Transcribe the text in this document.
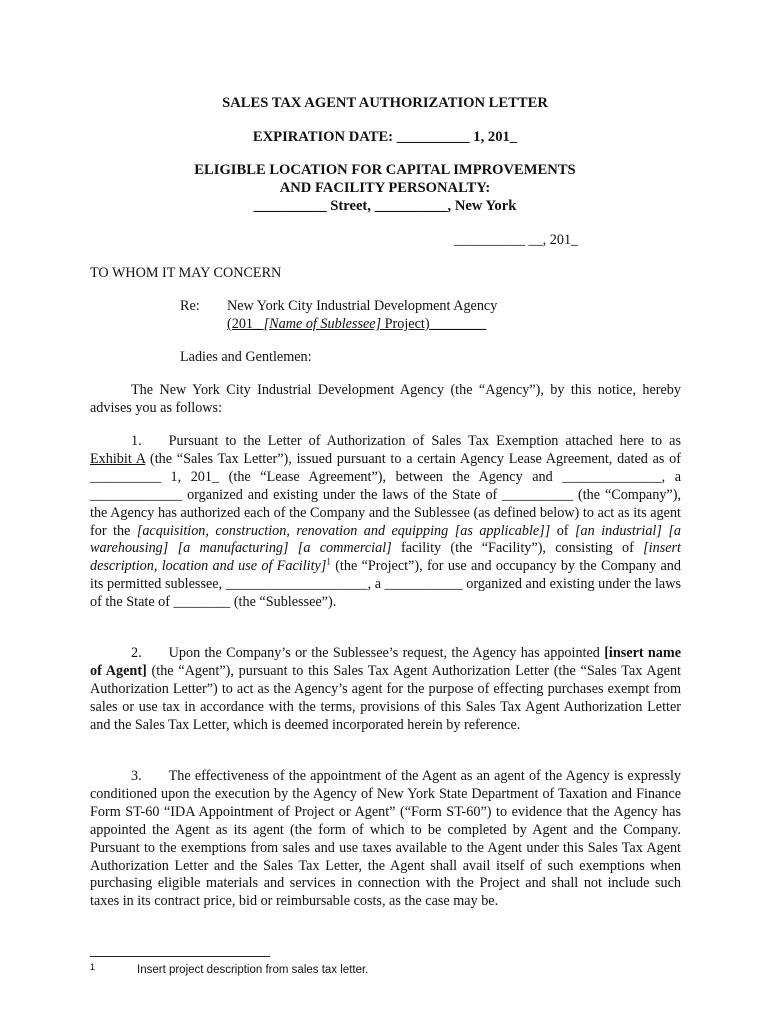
SALES TAX AGENT AUTHORIZATION LETTER
EXPIRATION DATE: __________ 1, 201_
ELIGIBLE LOCATION FOR CAPITAL IMPROVEMENTS
AND FACILITY PERSONALTY:
__________ Street, __________, New York
__________ __, 201_
TO WHOM IT MAY CONCERN
Re: New York City Industrial Development Agency
(201_ [Name of Sublessee] Project)________
Ladies and Gentlemen:
The New York City Industrial Development Agency (the “Agency”), by this notice, hereby advises you as follows:
1. Pursuant to the Letter of Authorization of Sales Tax Exemption attached here to as Exhibit A (the “Sales Tax Letter”), issued pursuant to a certain Agency Lease Agreement, dated as of __________ 1, 201_ (the “Lease Agreement”), between the Agency and ______________, a _____________ organized and existing under the laws of the State of __________ (the “Company”), the Agency has authorized each of the Company and the Sublessee (as defined below) to act as its agent for the [acquisition, construction, renovation and equipping [as applicable]] of [an industrial] [a warehousing] [a manufacturing] [a commercial] facility (the “Facility”), consisting of [insert description, location and use of Facility]$^1$ (the “Project”), for use and occupancy by the Company and its permitted sublessee, ____________________, a ___________ organized and existing under the laws of the State of ________ (the “Sublessee”).
2. Upon the Company’s or the Sublessee’s request, the Agency has appointed [insert name of Agent] (the “Agent”), pursuant to this Sales Tax Agent Authorization Letter (the “Sales Tax Agent Authorization Letter”) to act as the Agency’s agent for the purpose of effecting purchases exempt from sales or use tax in accordance with the terms, provisions of this Sales Tax Agent Authorization Letter and the Sales Tax Letter, which is deemed incorporated herein by reference.
3. The effectiveness of the appointment of the Agent as an agent of the Agency is expressly conditioned upon the execution by the Agency of New York State Department of Taxation and Finance Form ST-60 “IDA Appointment of Project or Agent” (“Form ST-60”) to evidence that the Agency has appointed the Agent as its agent (the form of which to be completed by Agent and the Company. Pursuant to the exemptions from sales and use taxes available to the Agent under this Sales Tax Agent Authorization Letter and the Sales Tax Letter, the Agent shall avail itself of such exemptions when purchasing eligible materials and services in connection with the Project and shall not include such taxes in its contract price, bid or reimbursable costs, as the case may be.
1	Insert project description from sales tax letter.
